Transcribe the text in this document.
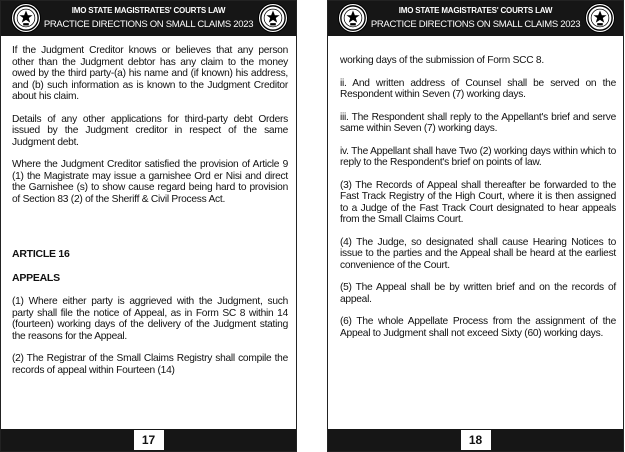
IMO STATE MAGISTRATES' COURTS LAW
PRACTICE DIRECTIONS ON SMALL CLAIMS 2023

If the Judgment Creditor knows or believes that any person other than the Judgment debtor has any claim to the money owed by the third party-(a) his name and (if known) his address, and (b) such information as is known to the Judgment Creditor about his claim.

Details of any other applications for third-party debt Orders issued by the Judgment creditor in respect of the same Judgment debt.

Where the Judgment Creditor satisfied the provision of Article 9 (1) the Magistrate may issue a garnishee Ord er Nisi and direct the Garnishee (s) to show cause regard being hard to provision of Section 83 (2) of the Sheriff & Civil Process Act.

ARTICLE 16

APPEALS

(1) Where either party is aggrieved with the Judgment, such party shall file the notice of Appeal, as in Form SC 8 within 14 (fourteen) working days of the delivery of the Judgment stating the reasons for the Appeal.

(2) The Registrar of the Small Claims Registry shall compile the records of appeal within Fourteen (14)

17
IMO STATE MAGISTRATES' COURTS LAW
PRACTICE DIRECTIONS ON SMALL CLAIMS 2023

working days of the submission of Form SCC 8.

ii. And written address of Counsel shall be served on the Respondent within Seven (7) working days.

iii. The Respondent shall reply to the Appellant's brief and serve same within Seven (7) working days.

iv. The Appellant shall have Two (2) working days within which to reply to the Respondent's brief on points of law.

(3) The Records of Appeal shall thereafter be forwarded to the Fast Track Registry of the High Court, where it is then assigned to a Judge of the Fast Track Court designated to hear appeals from the Small Claims Court.

(4) The Judge, so designated shall cause Hearing Notices to issue to the parties and the Appeal shall be heard at the earliest convenience of the Court.

(5) The Appeal shall be by written brief and on the records of appeal.

(6) The whole Appellate Process from the assignment of the Appeal to Judgment shall not exceed Sixty (60) working days.

18
